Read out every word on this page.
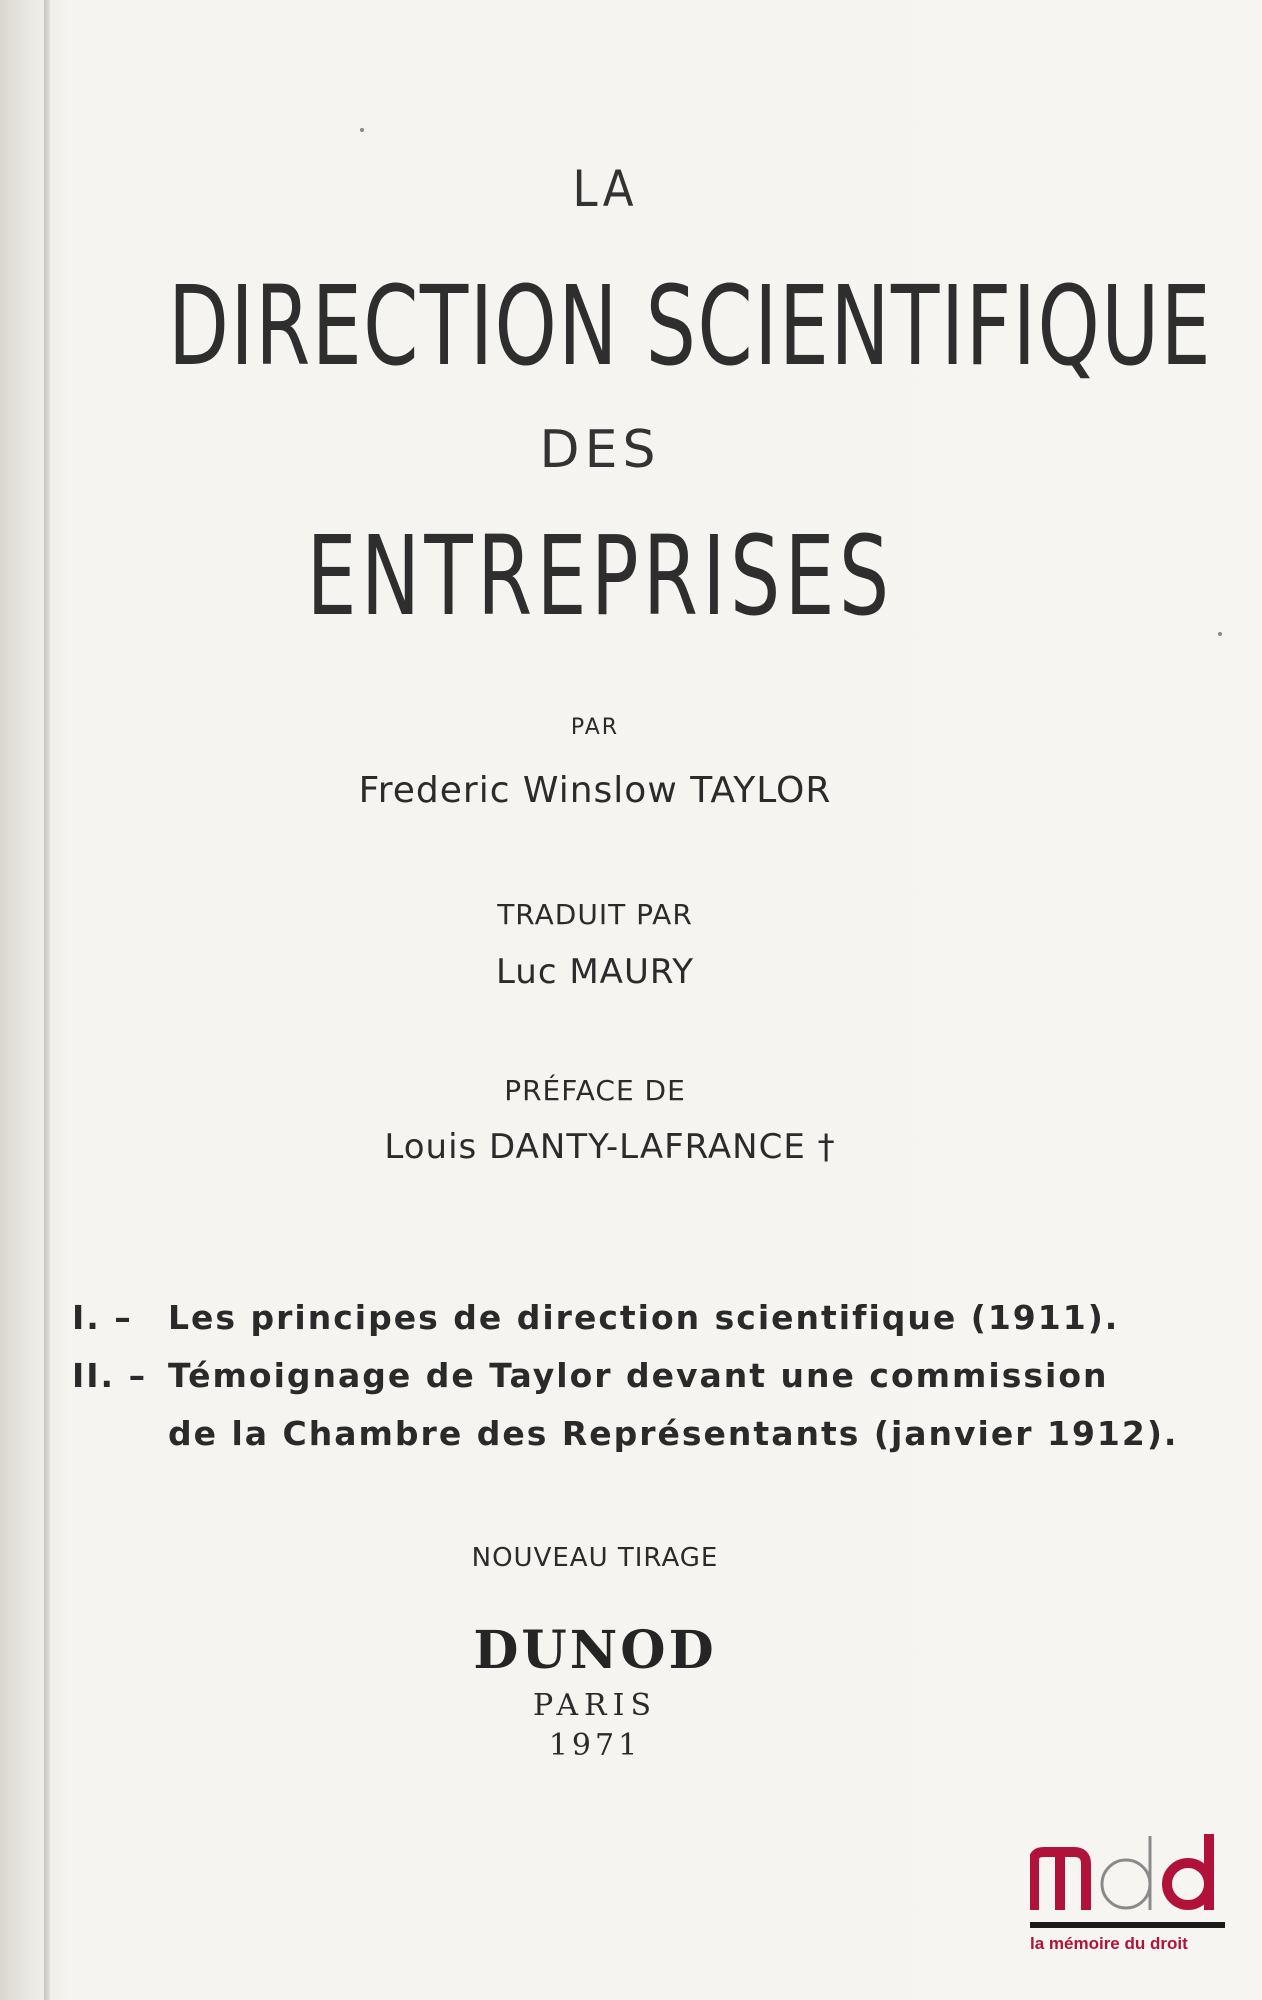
LA
DIRECTION SCIENTIFIQUE
DES
ENTREPRISES
PAR
Frederic Winslow TAYLOR
TRADUIT PAR
Luc MAURY
PRÉFACE DE
Louis DANTY-LAFRANCE †
I. –	Les principes de direction scientifique (1911).
II. – Témoignage de Taylor devant une commission
de la Chambre des Représentants (janvier 1912).
NOUVEAU TIRAGE
DUNOD
PARIS
1971
la mémoire du droit
